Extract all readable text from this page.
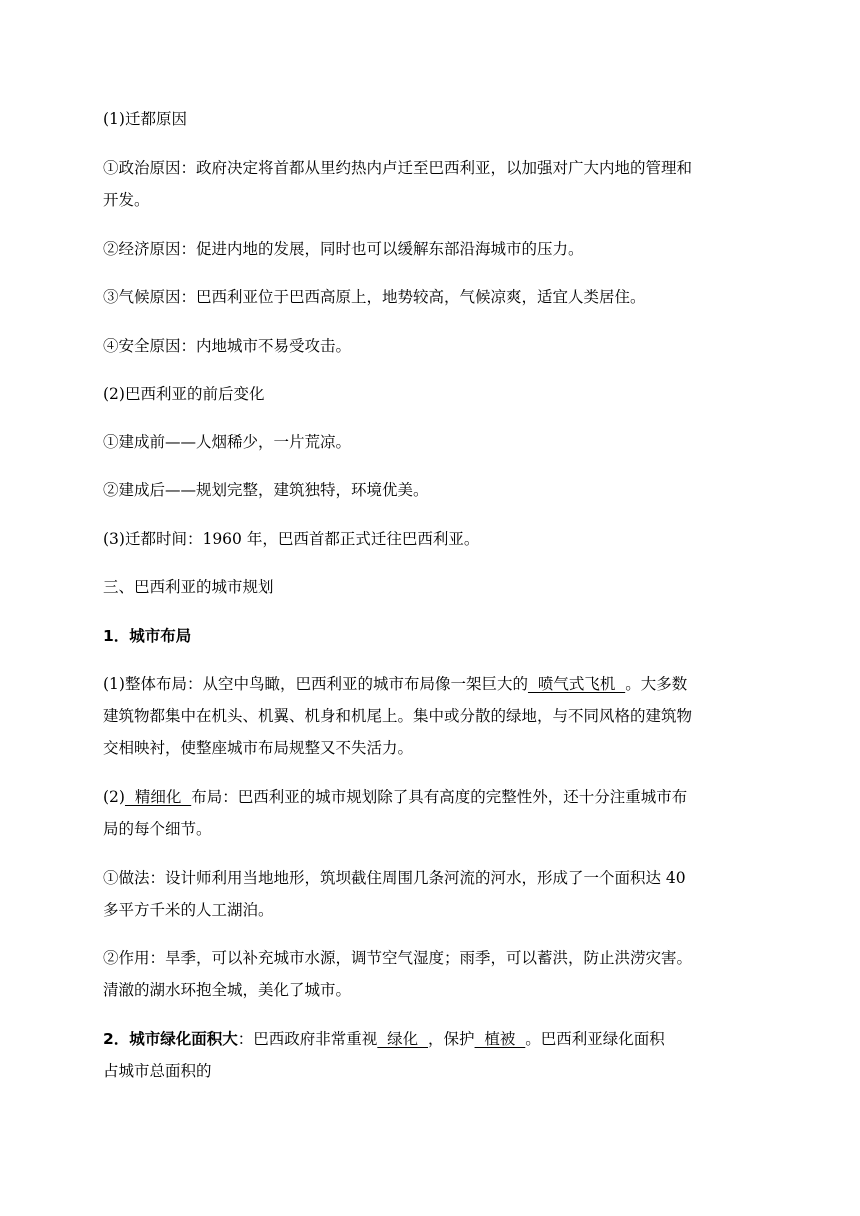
(1)迁都原因

①政治原因：政府决定将首都从里约热内卢迁至巴西利亚，以加强对广大内地的管理和
开发。

②经济原因：促进内地的发展，同时也可以缓解东部沿海城市的压力。

③气候原因：巴西利亚位于巴西高原上，地势较高，气候凉爽，适宜人类居住。

④安全原因：内地城市不易受攻击。

(2)巴西利亚的前后变化

①建成前——人烟稀少，一片荒凉。

②建成后——规划完整，建筑独特，环境优美。

(3)迁都时间：1960 年，巴西首都正式迁往巴西利亚。

三、巴西利亚的城市规划

1．城市布局

(1)整体布局：从空中鸟瞰，巴西利亚的城市布局像一架巨大的  喷气式飞机  。大多数
建筑物都集中在机头、机翼、机身和机尾上。集中或分散的绿地，与不同风格的建筑物
交相映衬，使整座城市布局规整又不失活力。

(2)  精细化  布局：巴西利亚的城市规划除了具有高度的完整性外，还十分注重城市布
局的每个细节。

①做法：设计师利用当地地形，筑坝截住周围几条河流的河水，形成了一个面积达 40
多平方千米的人工湖泊。

②作用：旱季，可以补充城市水源，调节空气湿度；雨季，可以蓄洪，防止洪涝灾害。
清澈的湖水环抱全城，美化了城市。

2．城市绿化面积大：巴西政府非常重视  绿化  ，保护  植被  。巴西利亚绿化面积
占城市总面积的
